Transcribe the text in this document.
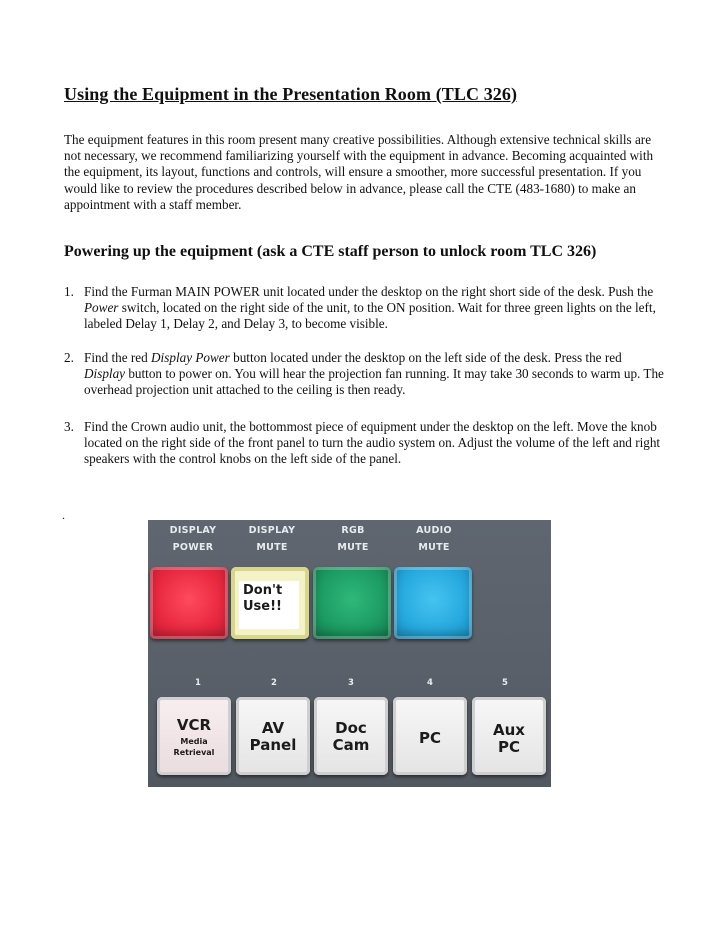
Using the Equipment in the Presentation Room (TLC 326)

The equipment features in this room present many creative possibilities. Although extensive technical skills are not necessary, we recommend familiarizing yourself with the equipment in advance. Becoming acquainted with the equipment, its layout, functions and controls, will ensure a smoother, more successful presentation. If you would like to review the procedures described below in advance, please call the CTE (483-1680) to make an appointment with a staff member.

Powering up the equipment (ask a CTE staff person to unlock room TLC 326)
1. Find the Furman MAIN POWER unit located under the desktop on the right short side of the desk. Push the Power switch, located on the right side of the unit, to the ON position. Wait for three green lights on the left, labeled Delay 1, Delay 2, and Delay 3, to become visible.
2. Find the red Display Power button located under the desktop on the left side of the desk. Press the red Display button to power on. You will hear the projection fan running. It may take 30 seconds to warm up. The overhead projection unit attached to the ceiling is then ready.
3. Find the Crown audio unit, the bottommost piece of equipment under the desktop on the left. Move the knob located on the right side of the front panel to turn the audio system on. Adjust the volume of the left and right speakers with the control knobs on the left side of the panel.
.
DISPLAY
POWER
DISPLAY
MUTE
RGB
MUTE
AUDIO
MUTE
Don't
Use!!
1	2	3	4	5
VCR
Media
Retrieval
AV
Panel
Doc
Cam	PC	Aux
PC
